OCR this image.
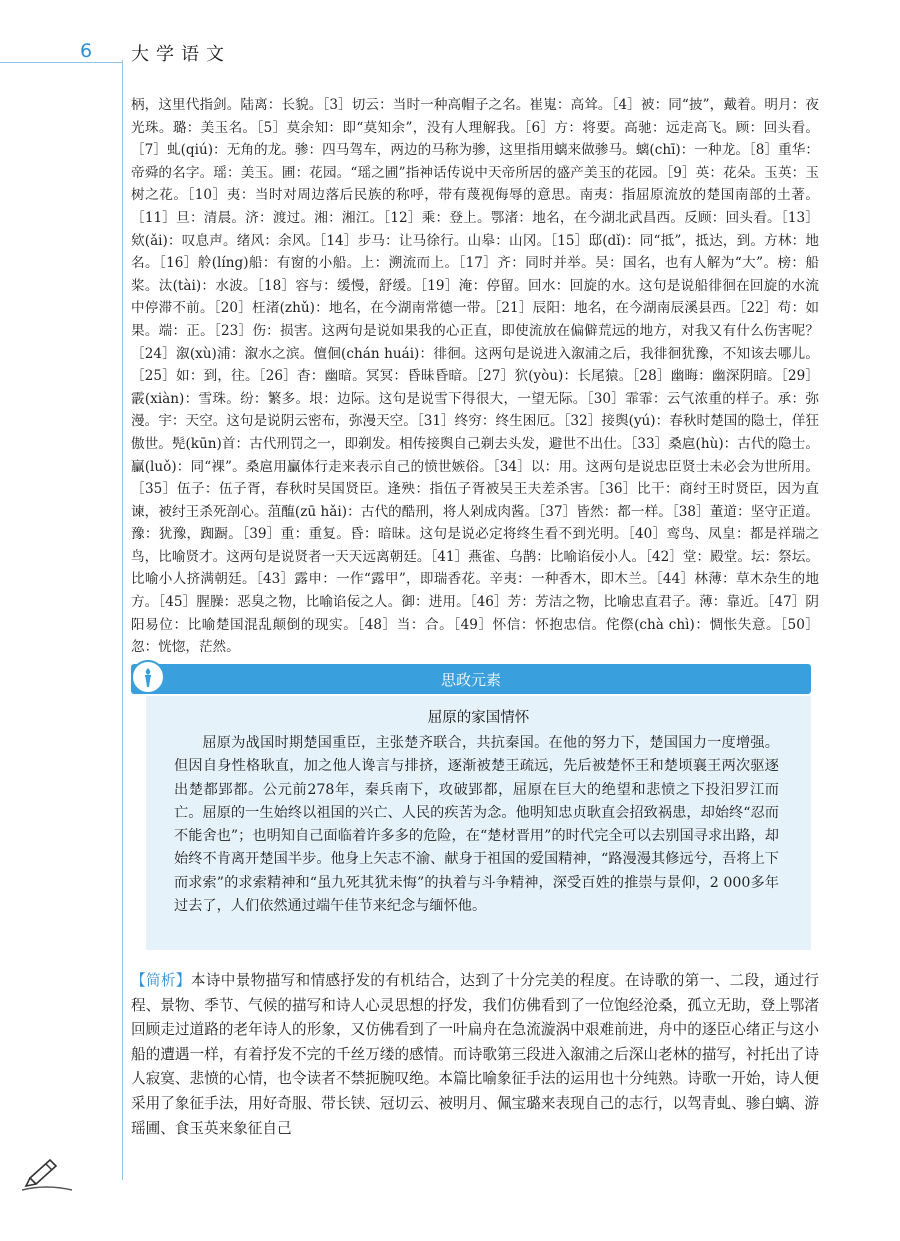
6 大学语文

柄，这里代指剑。陆离：长貌。［3］切云：当时一种高帽子之名。崔嵬：高耸。［4］被：同“披”，戴着。明月：夜光珠。璐：美玉名。［5］莫余知：即“莫知余”，没有人理解我。［6］方：将要。高驰：远走高飞。顾：回头看。［7］虬(qiú)：无角的龙。骖：四马驾车，两边的马称为骖，这里指用螭来做骖马。螭(chī)：一种龙。［8］重华：帝舜的名字。瑶：美玉。圃：花园。“瑶之圃”指神话传说中天帝所居的盛产美玉的花园。［9］英：花朵。玉英：玉树之花。［10］夷：当时对周边落后民族的称呼，带有蔑视侮辱的意思。南夷：指屈原流放的楚国南部的土著。［11］旦：清晨。济：渡过。湘：湘江。［12］乘：登上。鄂渚：地名，在今湖北武昌西。反顾：回头看。［13］欸(ǎi)：叹息声。绪风：余风。［14］步马：让马徐行。山皋：山冈。［15］邸(dǐ)：同“抵”，抵达，到。方林：地名。［16］舲(líng)船：有窗的小船。上：溯流而上。［17］齐：同时并举。吴：国名，也有人解为“大”。榜：船桨。汰(tài)：水波。［18］容与：缓慢，舒缓。［19］淹：停留。回水：回旋的水。这句是说船徘徊在回旋的水流中停滞不前。［20］枉渚(zhǔ)：地名，在今湖南常德一带。［21］辰阳：地名，在今湖南辰溪县西。［22］苟：如果。端：正。［23］伤：损害。这两句是说如果我的心正直，即使流放在偏僻荒远的地方，对我又有什么伤害呢？［24］溆(xù)浦：溆水之滨。儃佪(chán huái)：徘徊。这两句是说进入溆浦之后，我徘徊犹豫，不知该去哪儿。［25］如：到，往。［26］杳：幽暗。冥冥：昏昧昏暗。［27］狖(yòu)：长尾猿。［28］幽晦：幽深阴暗。［29］霰(xiàn)：雪珠。纷：繁多。垠：边际。这句是说雪下得很大，一望无际。［30］霏霏：云气浓重的样子。承：弥漫。宇：天空。这句是说阴云密布，弥漫天空。［31］终穷：终生困厄。［32］接舆(yú)：春秋时楚国的隐士，佯狂傲世。髡(kūn)首：古代刑罚之一，即剃发。相传接舆自己剃去头发，避世不出仕。［33］桑扈(hù)：古代的隐士。臝(luǒ)：同“裸”。桑扈用臝体行走来表示自己的愤世嫉俗。［34］以：用。这两句是说忠臣贤士未必会为世所用。［35］伍子：伍子胥，春秋时吴国贤臣。逢殃：指伍子胥被吴王夫差杀害。［36］比干：商纣王时贤臣，因为直谏，被纣王杀死剖心。菹醢(zū hǎi)：古代的酷刑，将人剁成肉酱。［37］皆然：都一样。［38］董道：坚守正道。豫：犹豫，踟蹰。［39］重：重复。昏：暗昧。这句是说必定将终生看不到光明。［40］鸾鸟、凤皇：都是祥瑞之鸟，比喻贤才。这两句是说贤者一天天远离朝廷。［41］燕雀、乌鹊：比喻谄佞小人。［42］堂：殿堂。坛：祭坛。比喻小人挤满朝廷。［43］露申：一作“露甲”，即瑞香花。辛夷：一种香木，即木兰。［44］林薄：草木杂生的地方。［45］腥臊：恶臭之物，比喻谄佞之人。御：进用。［46］芳：芳洁之物，比喻忠直君子。薄：靠近。［47］阴阳易位：比喻楚国混乱颠倒的现实。［48］当：合。［49］怀信：怀抱忠信。侘傺(chà chì)：惆怅失意。［50］忽：恍惚，茫然。

思政元素
屈原的家国情怀

屈原为战国时期楚国重臣，主张楚齐联合，共抗秦国。在他的努力下，楚国国力一度增强。但因自身性格耿直，加之他人谗言与排挤，逐渐被楚王疏远，先后被楚怀王和楚顷襄王两次驱逐出楚都郢都。公元前278年，秦兵南下，攻破郢都，屈原在巨大的绝望和悲愤之下投汨罗江而亡。屈原的一生始终以祖国的兴亡、人民的疾苦为念。他明知忠贞耿直会招致祸患，却始终“忍而不能舍也”；也明知自己面临着许多多的危险，在“楚材晋用”的时代完全可以去别国寻求出路，却始终不肯离开楚国半步。他身上矢志不渝、献身于祖国的爱国精神，“路漫漫其修远兮，吾将上下而求索”的求索精神和“虽九死其犹未悔”的执着与斗争精神，深受百姓的推崇与景仰，2 000多年过去了，人们依然通过端午佳节来纪念与缅怀他。

【简析】本诗中景物描写和情感抒发的有机结合，达到了十分完美的程度。在诗歌的第一、二段，通过行程、景物、季节、气候的描写和诗人心灵思想的抒发，我们仿佛看到了一位饱经沧桑，孤立无助，登上鄂渚回顾走过道路的老年诗人的形象，又仿佛看到了一叶扁舟在急流漩涡中艰难前进，舟中的逐臣心绪正与这小船的遭遇一样，有着抒发不完的千丝万缕的感情。而诗歌第三段进入溆浦之后深山老林的描写，衬托出了诗人寂寞、悲愤的心情，也令读者不禁扼腕叹绝。本篇比喻象征手法的运用也十分纯熟。诗歌一开始，诗人便采用了象征手法，用好奇服、带长铗、冠切云、被明月、佩宝璐来表现自己的志行，以驾青虬、骖白螭、游瑶圃、食玉英来象征自己
